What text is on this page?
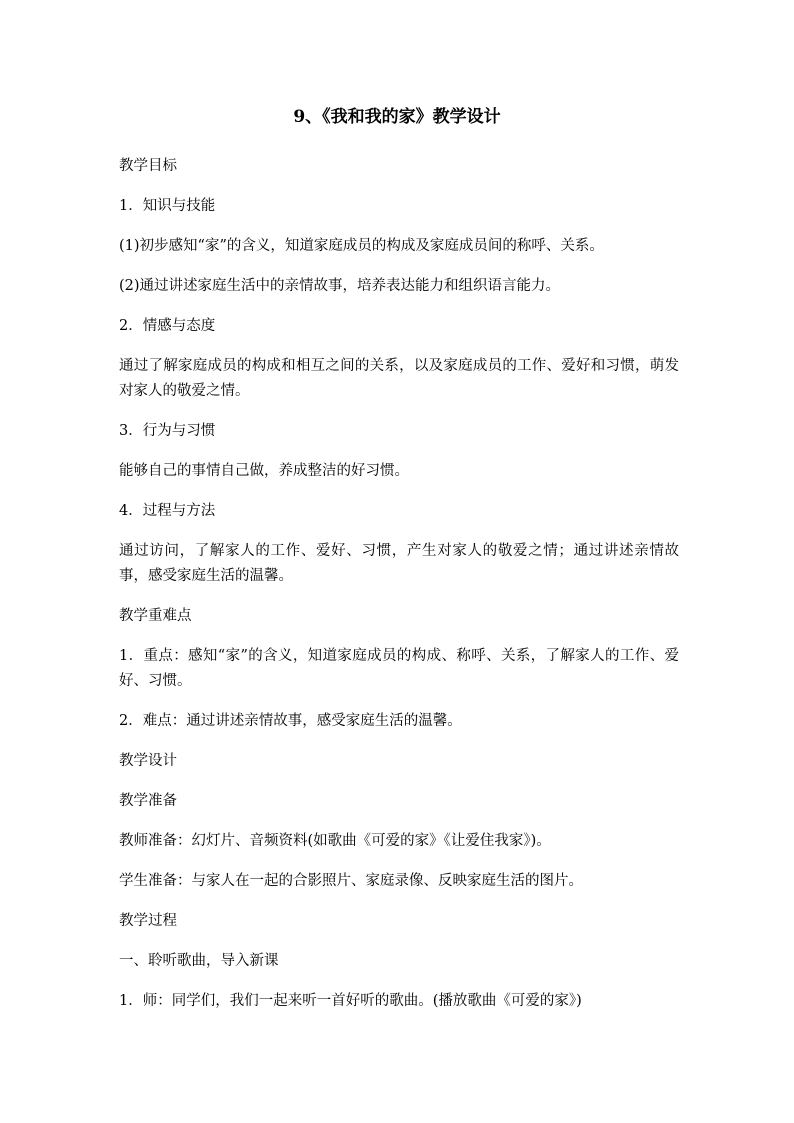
9、《我和我的家》教学设计

教学目标

1．知识与技能

(1)初步感知“家”的含义，知道家庭成员的构成及家庭成员间的称呼、关系。

(2)通过讲述家庭生活中的亲情故事，培养表达能力和组织语言能力。

2．情感与态度

通过了解家庭成员的构成和相互之间的关系，以及家庭成员的工作、爱好和习惯，萌发对家人的敬爱之情。

3．行为与习惯

能够自己的事情自己做，养成整洁的好习惯。

4．过程与方法

通过访问，了解家人的工作、爱好、习惯，产生对家人的敬爱之情；通过讲述亲情故事，感受家庭生活的温馨。

教学重难点

1．重点：感知“家”的含义，知道家庭成员的构成、称呼、关系，了解家人的工作、爱好、习惯。

2．难点：通过讲述亲情故事，感受家庭生活的温馨。

教学设计

教学准备

教师准备：幻灯片、音频资料(如歌曲《可爱的家》《让爱住我家》)。

学生准备：与家人在一起的合影照片、家庭录像、反映家庭生活的图片。

教学过程

一、聆听歌曲，导入新课

1．师：同学们，我们一起来听一首好听的歌曲。(播放歌曲《可爱的家》)
